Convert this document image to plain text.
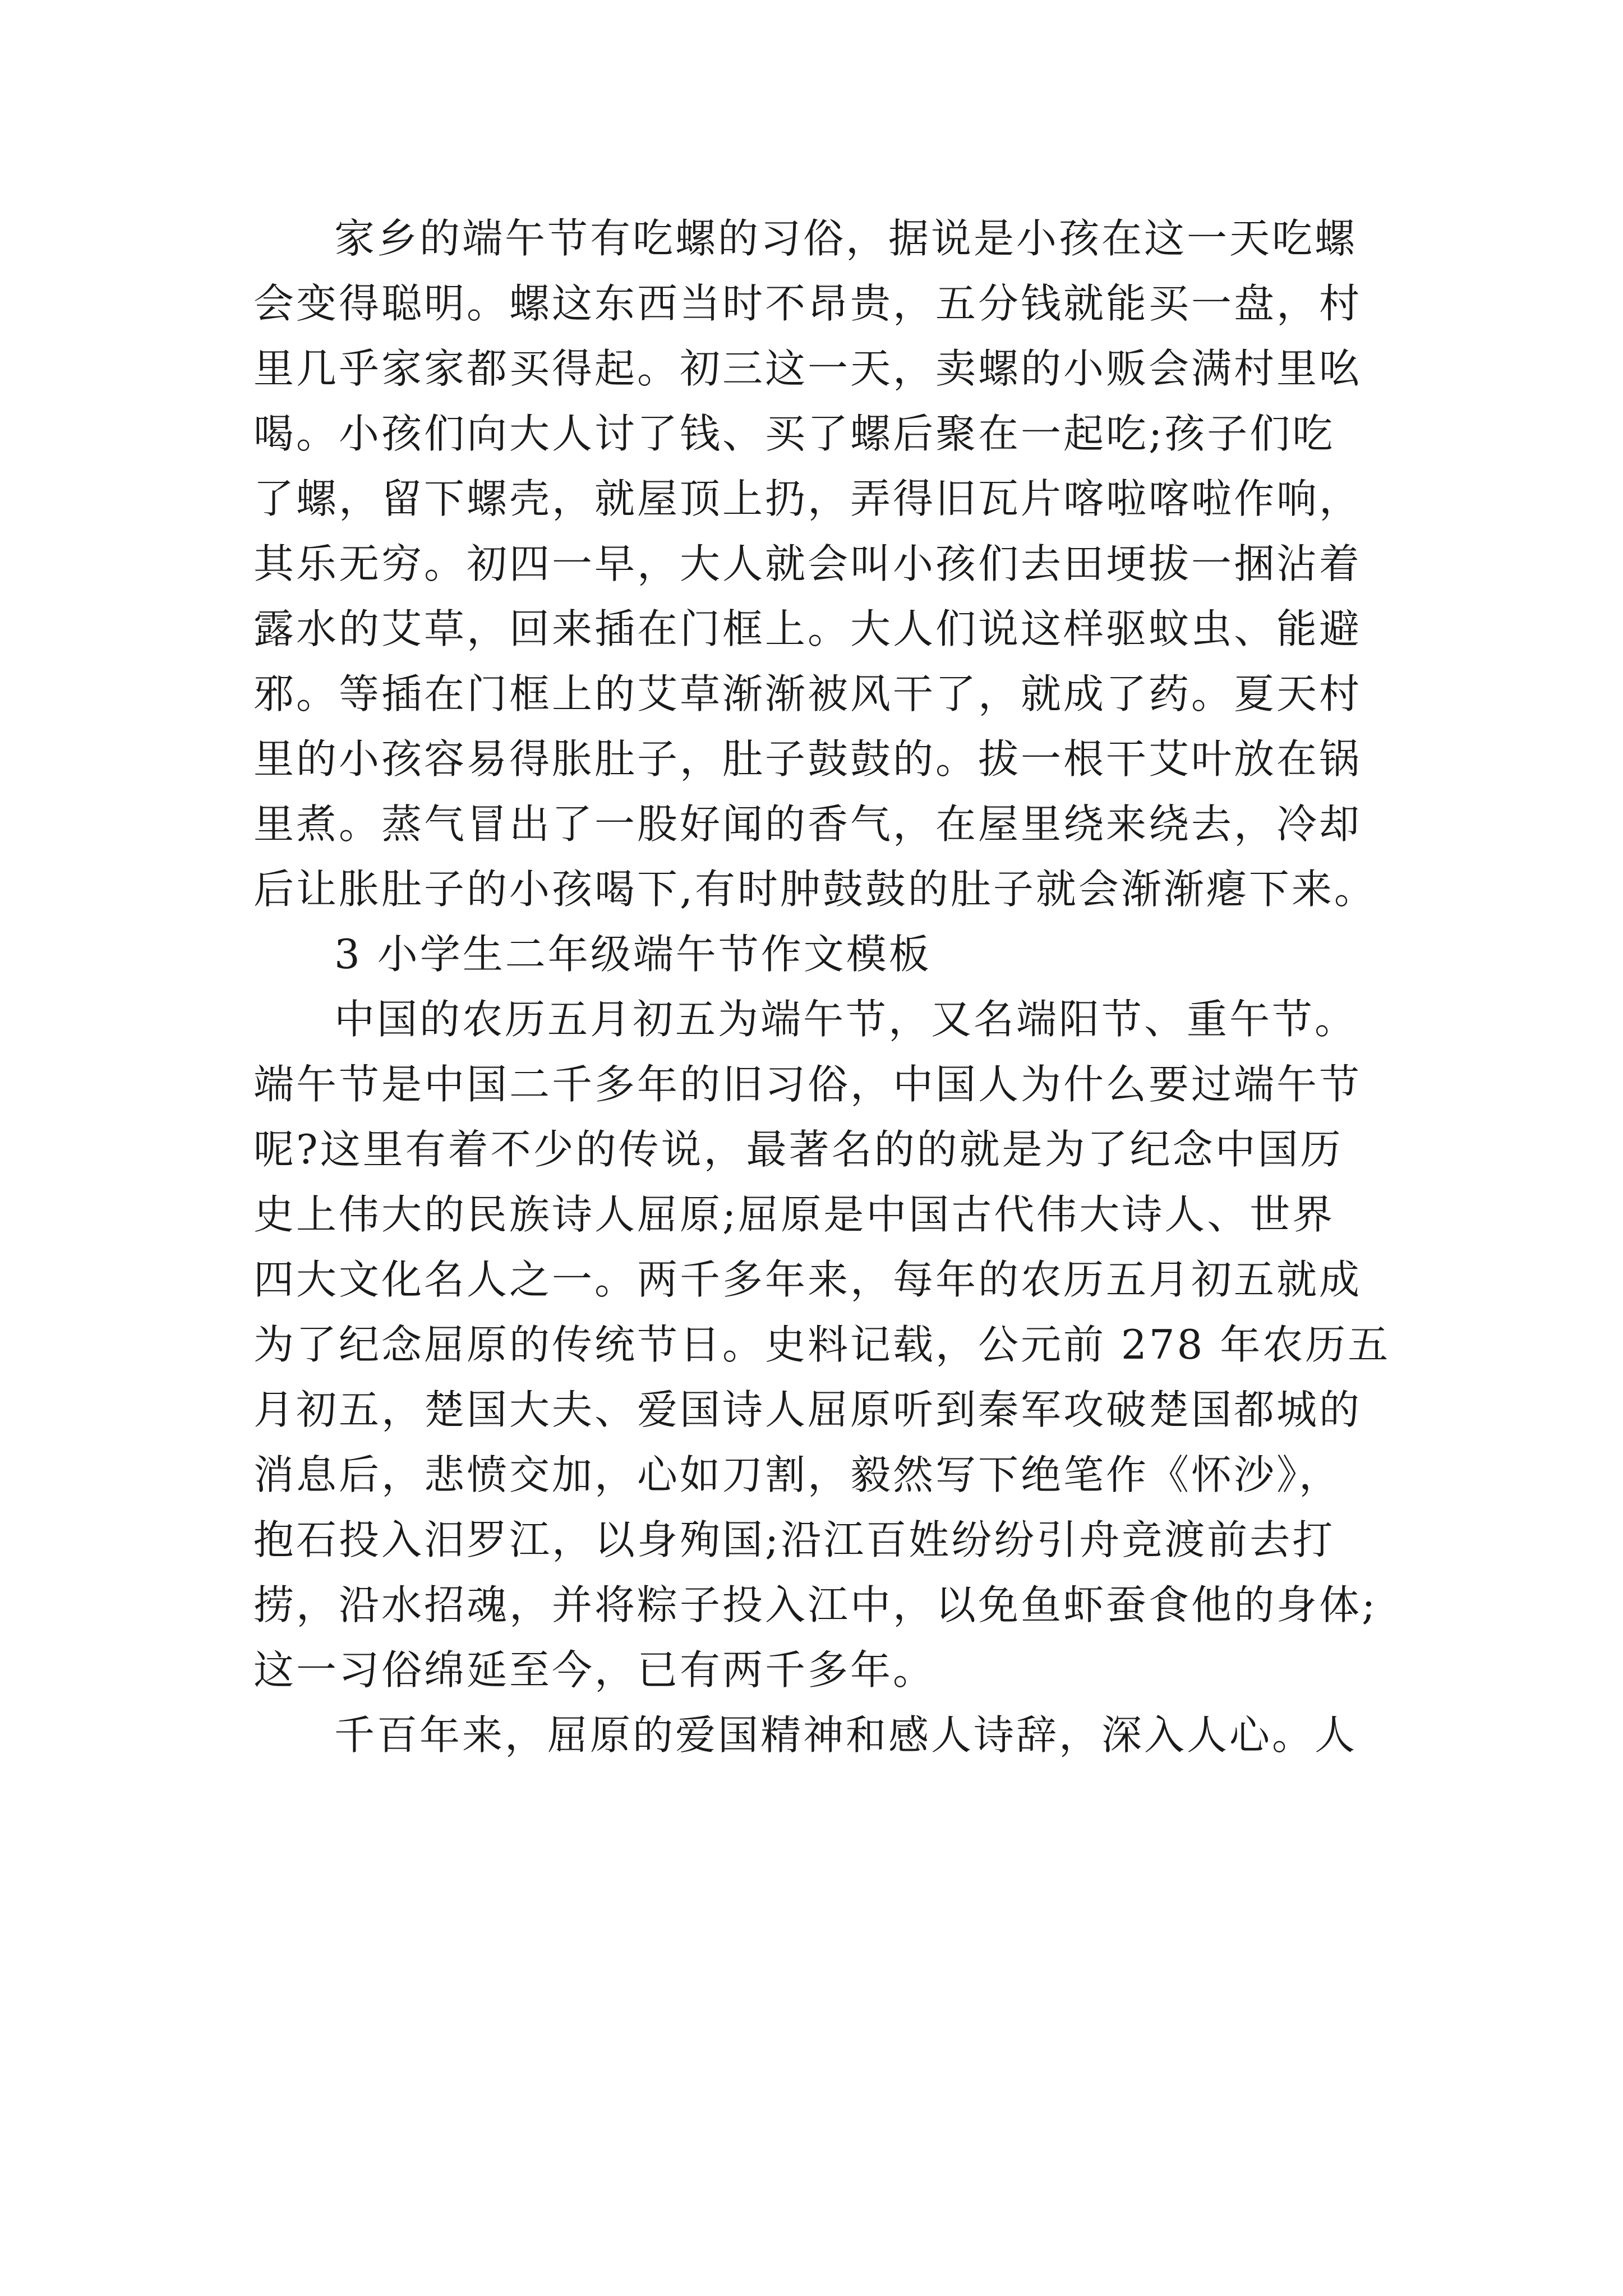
家乡的端午节有吃螺的习俗，据说是小孩在这一天吃螺

会变得聪明。螺这东西当时不昂贵，五分钱就能买一盘，村

里几乎家家都买得起。初三这一天，卖螺的小贩会满村里吆

喝。小孩们向大人讨了钱、买了螺后聚在一起吃;孩子们吃

了螺，留下螺壳，就屋顶上扔，弄得旧瓦片喀啦喀啦作响，

其乐无穷。初四一早，大人就会叫小孩们去田埂拔一捆沾着

露水的艾草，回来插在门框上。大人们说这样驱蚊虫、能避

邪。等插在门框上的艾草渐渐被风干了，就成了药。夏天村

里的小孩容易得胀肚子，肚子鼓鼓的。拔一根干艾叶放在锅

里煮。蒸气冒出了一股好闻的香气，在屋里绕来绕去，冷却

后让胀肚子的小孩喝下,有时肿鼓鼓的肚子就会渐渐瘪下来。

3 小学生二年级端午节作文模板

中国的农历五月初五为端午节，又名端阳节、重午节。

端午节是中国二千多年的旧习俗，中国人为什么要过端午节

呢?这里有着不少的传说，最著名的的就是为了纪念中国历

史上伟大的民族诗人屈原;屈原是中国古代伟大诗人、世界

四大文化名人之一。两千多年来，每年的农历五月初五就成

为了纪念屈原的传统节日。史料记载，公元前 278 年农历五

月初五，楚国大夫、爱国诗人屈原听到秦军攻破楚国都城的

消息后，悲愤交加，心如刀割，毅然写下绝笔作《怀沙》，

抱石投入汨罗江，以身殉国;沿江百姓纷纷引舟竞渡前去打

捞，沿水招魂，并将粽子投入江中，以免鱼虾蚕食他的身体;

这一习俗绵延至今，已有两千多年。

千百年来，屈原的爱国精神和感人诗辞，深入人心。人
